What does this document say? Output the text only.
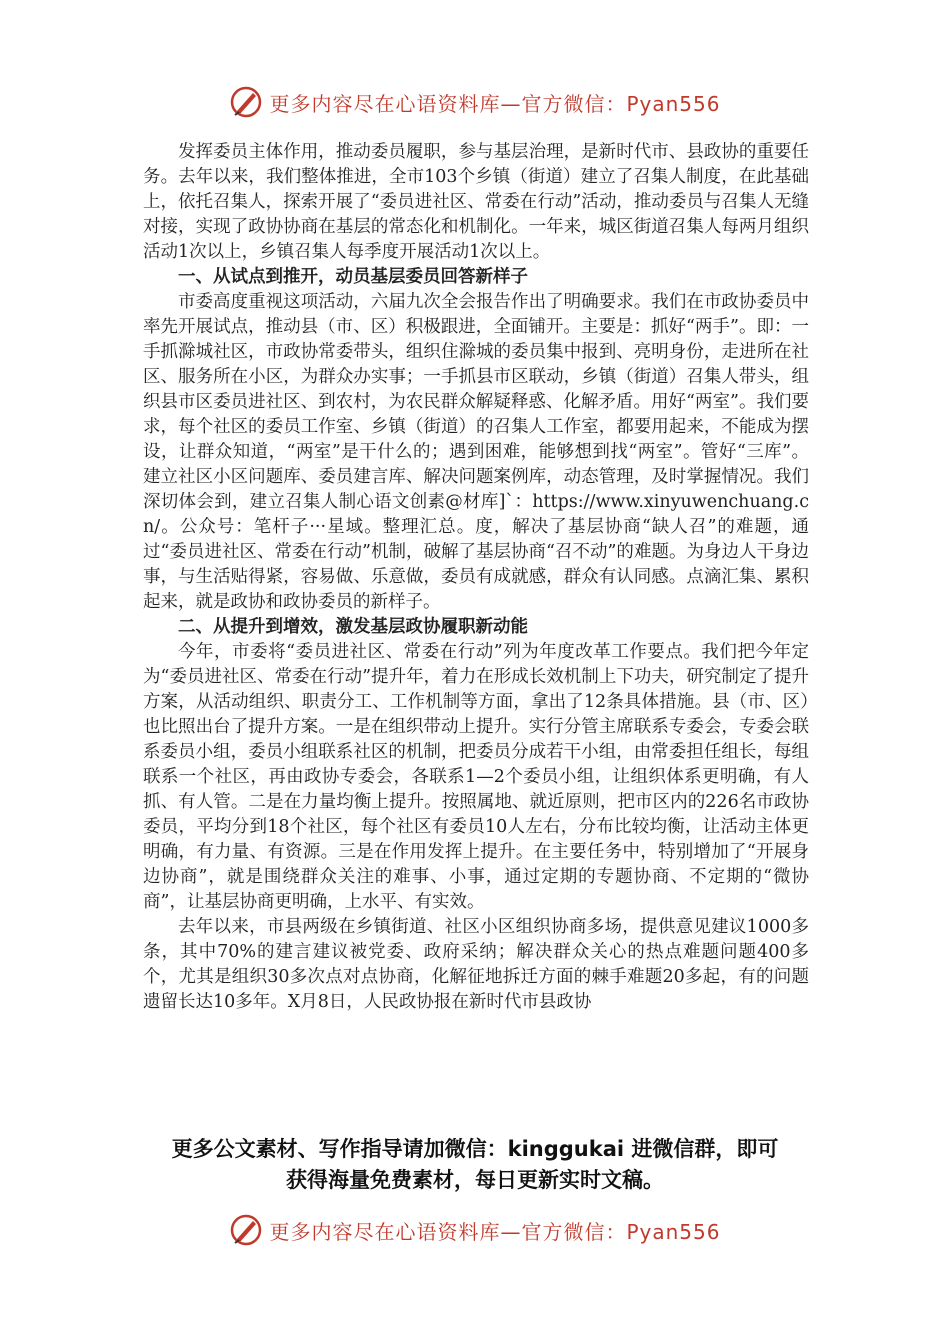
更多内容尽在心语资料库—官方微信：Pyan556

发挥委员主体作用，推动委员履职，参与基层治理，是新时代市、县政协的重要任务。去年以来，我们整体推进，全市103个乡镇（街道）建立了召集人制度，在此基础上，依托召集人，探索开展了“委员进社区、常委在行动”活动，推动委员与召集人无缝对接，实现了政协协商在基层的常态化和机制化。一年来，城区街道召集人每两月组织活动1次以上，乡镇召集人每季度开展活动1次以上。

一、从试点到推开，动员基层委员回答新样子

市委高度重视这项活动，六届九次全会报告作出了明确要求。我们在市政协委员中率先开展试点，推动县（市、区）积极跟进，全面铺开。主要是：抓好“两手”。即：一手抓滁城社区，市政协常委带头，组织住滁城的委员集中报到、亮明身份，走进所在社区、服务所在小区，为群众办实事；一手抓县市区联动，乡镇（街道）召集人带头，组织县市区委员进社区、到农村，为农民群众解疑释惑、化解矛盾。用好“两室”。我们要求，每个社区的委员工作室、乡镇（街道）的召集人工作室，都要用起来，不能成为摆设，让群众知道，“两室”是干什么的；遇到困难，能够想到找“两室”。管好“三库”。建立社区小区问题库、委员建言库、解决问题案例库，动态管理，及时掌握情况。我们深切体会到，建立召集人制心语文创素@材库]`：https://www.xinyuwenchuang.cn/。公众号：笔杆子···星域。整理汇总。度，解决了基层协商“缺人召”的难题，通过“委员进社区、常委在行动”机制，破解了基层协商“召不动”的难题。为身边人干身边事，与生活贴得紧，容易做、乐意做，委员有成就感，群众有认同感。点滴汇集、累积起来，就是政协和政协委员的新样子。

二、从提升到增效，激发基层政协履职新动能

今年，市委将“委员进社区、常委在行动”列为年度改革工作要点。我们把今年定为“委员进社区、常委在行动”提升年，着力在形成长效机制上下功夫，研究制定了提升方案，从活动组织、职责分工、工作机制等方面，拿出了12条具体措施。县（市、区）也比照出台了提升方案。一是在组织带动上提升。实行分管主席联系专委会，专委会联系委员小组，委员小组联系社区的机制，把委员分成若干小组，由常委担任组长，每组联系一个社区，再由政协专委会，各联系1—2个委员小组，让组织体系更明确，有人抓、有人管。二是在力量均衡上提升。按照属地、就近原则，把市区内的226名市政协委员，平均分到18个社区，每个社区有委员10人左右，分布比较均衡，让活动主体更明确，有力量、有资源。三是在作用发挥上提升。在主要任务中，特别增加了“开展身边协商”，就是围绕群众关注的难事、小事，通过定期的专题协商、不定期的“微协商”，让基层协商更明确，上水平、有实效。

去年以来，市县两级在乡镇街道、社区小区组织协商多场，提供意见建议1000多条，其中70%的建言建议被党委、政府采纳；解决群众关心的热点难题问题400多个，尤其是组织30多次点对点协商，化解征地拆迁方面的棘手难题20多起，有的问题遗留长达10多年。X月8日，人民政协报在新时代市县政协

更多公文素材、写作指导请加微信：kinggukai 进微信群，即可
获得海量免费素材，每日更新实时文稿。
更多内容尽在心语资料库—官方微信：Pyan556
